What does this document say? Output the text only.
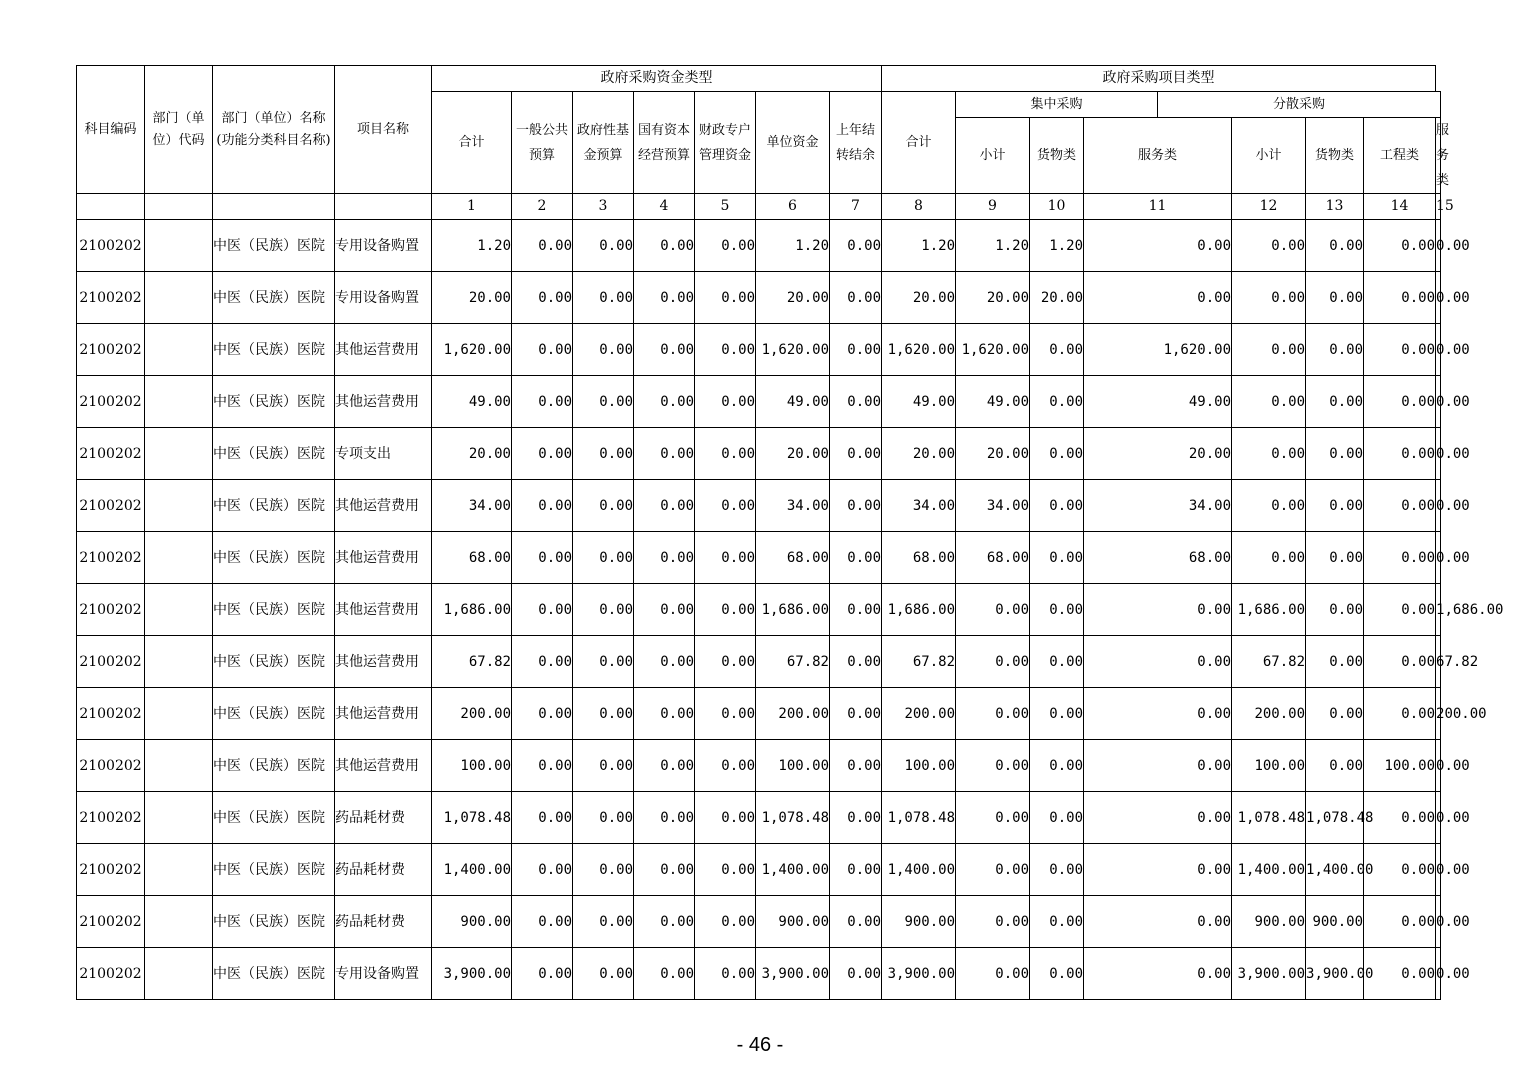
科目编码	部门（单位）代码	部门（单位）名称(功能分类科目名称)	项目名称	政府采购资金类型							政府采购项目类型								
				合计	一般公共预算	政府性基金预算	国有资本经营预算	财政专户管理资金	单位资金	上年结转结余	合计	集中采购			分散采购				
												小计	货物类	服务类		小计	货物类	工程类	服务类
				1	2	3	4	5	6	7	8	9	10	11		12	13	14	15
2100202		中医（民族）医院	专用设备购置	1.20	0.00	0.00	0.00	0.00	1.20	0.00	1.20	1.20	1.20	0.00		0.00	0.00	0.00	0.00
2100202		中医（民族）医院	专用设备购置	20.00	0.00	0.00	0.00	0.00	20.00	0.00	20.00	20.00	20.00	0.00		0.00	0.00	0.00	0.00
2100202		中医（民族）医院	其他运营费用	1,620.00	0.00	0.00	0.00	0.00	1,620.00	0.00	1,620.00	1,620.00	0.00	1,620.00		0.00	0.00	0.00	0.00
2100202		中医（民族）医院	其他运营费用	49.00	0.00	0.00	0.00	0.00	49.00	0.00	49.00	49.00	0.00	49.00		0.00	0.00	0.00	0.00
2100202		中医（民族）医院	专项支出	20.00	0.00	0.00	0.00	0.00	20.00	0.00	20.00	20.00	0.00	20.00		0.00	0.00	0.00	0.00
2100202		中医（民族）医院	其他运营费用	34.00	0.00	0.00	0.00	0.00	34.00	0.00	34.00	34.00	0.00	34.00		0.00	0.00	0.00	0.00
2100202		中医（民族）医院	其他运营费用	68.00	0.00	0.00	0.00	0.00	68.00	0.00	68.00	68.00	0.00	68.00		0.00	0.00	0.00	0.00
2100202		中医（民族）医院	其他运营费用	1,686.00	0.00	0.00	0.00	0.00	1,686.00	0.00	1,686.00	0.00	0.00	0.00		1,686.00	0.00	0.00	1,686.00
2100202		中医（民族）医院	其他运营费用	67.82	0.00	0.00	0.00	0.00	67.82	0.00	67.82	0.00	0.00	0.00		67.82	0.00	0.00	67.82
2100202		中医（民族）医院	其他运营费用	200.00	0.00	0.00	0.00	0.00	200.00	0.00	200.00	0.00	0.00	0.00		200.00	0.00	0.00	200.00
2100202		中医（民族）医院	其他运营费用	100.00	0.00	0.00	0.00	0.00	100.00	0.00	100.00	0.00	0.00	0.00		100.00	0.00	100.00	0.00
2100202		中医（民族）医院	药品耗材费	1,078.48	0.00	0.00	0.00	0.00	1,078.48	0.00	1,078.48	0.00	0.00	0.00		1,078.48	1,078.48	0.00	0.00
2100202		中医（民族）医院	药品耗材费	1,400.00	0.00	0.00	0.00	0.00	1,400.00	0.00	1,400.00	0.00	0.00	0.00		1,400.00	1,400.00	0.00	0.00
2100202		中医（民族）医院	药品耗材费	900.00	0.00	0.00	0.00	0.00	900.00	0.00	900.00	0.00	0.00	0.00		900.00	900.00	0.00	0.00
2100202		中医（民族）医院	专用设备购置	3,900.00	0.00	0.00	0.00	0.00	3,900.00	0.00	3,900.00	0.00	0.00	0.00		3,900.00	3,900.00	0.00	0.00
- 46 -
